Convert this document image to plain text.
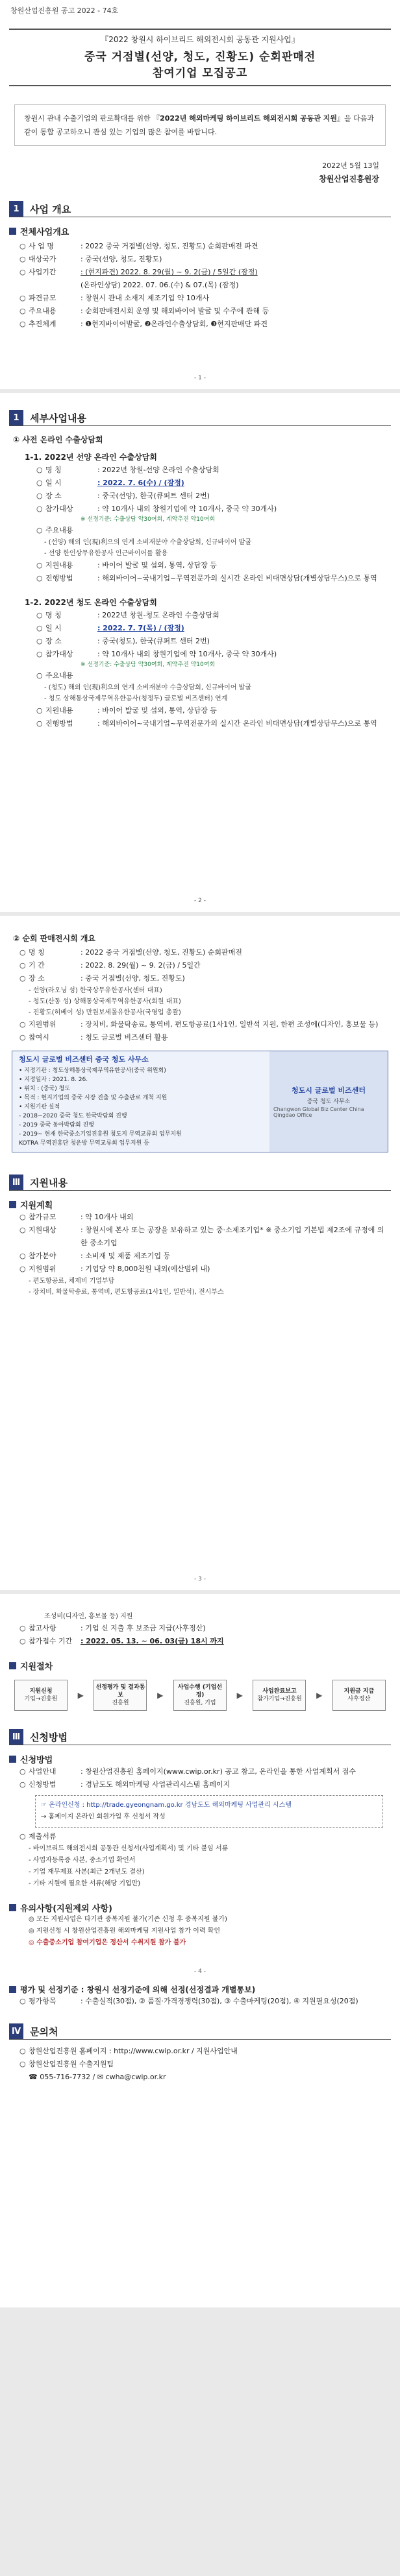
창원산업진흥원 공고 2022 - 74호
『2022 창원시 하이브리드 해외전시회 공동관 지원사업』
중국 거점별(선양, 청도, 진황도) 순회판매전
참여기업 모집공고
창원시 관내 수출기업의 판로확대를 위한 『2022년 해외마케팅 하이브리드 해외전시회 공동관 지원』을 다음과 같이 통합 공고하오니 관심 있는 기업의 많은 참여를 바랍니다.
2022년 5월 13일
창원산업진흥원장
1	사업 개요
전체사업개요
○ 사 업 명	: 2022 중국 거점별(선양, 청도, 진황도) 순회판매전 파견
○ 대상국가	: 중국(선양, 청도, 진황도)
○ 사업기간	: (현지파견) 2022. 8. 29(월) ~ 9. 2(금) / 5일간 (잠정)
(온라인상담) 2022. 07. 06.(수) & 07.(목) (잠정)
○ 파견규모	: 창원시 관내 소재지 제조기업 약 10개사
○ 주요내용	: 순회판매전시회 운영 및 해외바이어 발굴 및 수주에 관해 등
○ 추진체계	: ❶현지바이어발굴, ❷온라인수출상담회, ❸현지판매단 파견
- 1 -
1	세부사업내용
① 사전 온라인 수출상담회
1-1. 2022년 선양 온라인 수출상담회
○ 명 칭	: 2022년 창원-선양 온라인 수출상담회
○ 일 시	: 2022. 7. 6(수) / (잠정)
○ 장 소	: 중국(선양), 한국(큐퍼트 센터 2번)
○ 참가대상	: 약 10개사 내외 창원기업에 약 10개사, 중국 약 30개사)
※ 선정기준: 수출상담 약30여회, 계약추진 약10여회
○ 주요내용
- (선양) 해외 인(現)利으의 연계 소비재분야 수출상담회, 신규바이어 발굴
- 선양 한인상무유한공사 인근바이어를 활용
○ 지원내용	: 바이어 발굴 및 섭외, 통역, 상담장 등
○ 진행방법	: 해외바이어~국내기업~무역전문가의 실시간 온라인 비대면상담(개별상담무스)으로 통역
1-2. 2022년 청도 온라인 수출상담회
○ 명 칭	: 2022년 창원-청도 온라인 수출상담회
○ 일 시	: 2022. 7. 7(목) / (잠정)
○ 장 소	: 중국(청도), 한국(큐퍼트 센터 2번)
○ 참가대상	: 약 10개사 내외 창원기업에 약 10개사, 중국 약 30개사)
※ 선정기준: 수출상담 약30여회, 계약추진 약10여회
○ 주요내용
- (청도) 해외 인(現)利으의 연계 소비재분야 수출상담회, 신규바이어 발굴
- 청도 상해통상국제무역유한공사(청정두) 글로벌 비즈센터) 연계
○ 지원내용	: 바이어 발굴 및 섭외, 통역, 상담장 등
○ 진행방법	: 해외바이어~국내기업~무역전문가의 실시간 온라인 비대면상담(개별상담무스)으로 통역
- 2 -
② 순회 판매전시회 개요
○ 명 칭	: 2022 중국 거점별(선양, 청도, 진황도) 순회판매전
○ 기 간	: 2022. 8. 29(월) ~ 9. 2(금) / 5일간
○ 장 소	: 중국 거점별(선양, 청도, 진황도)
- 선양(라오닝 성) 한국상무유한공사(센터 대표)
- 청도(산동 성) 상해통상국제무역유한공사(회원 대표)
- 진황도(허베이 성) 만원보세몰유한공사(국영업 총괄)
○ 지원범위	: 장치비, 화물탁송료, 통역비, 편도항공료(1사1인, 일반석 지원, 한편 조성에(디자인, 홍보물 등)
○ 참여시	: 청도 글로벌 비즈센터 활용
청도시 글로벌 비즈센터 중국 청도 사무소
• 지정기관 : 청도상해통상국제무역유한공사(중국 위원회)
• 지정일자 : 2021. 8. 26.
• 위치 : (중국) 청도
• 목적 : 현지기업의 중국 시장 진출 및 수출판로 개척 지원
• 지원기관 실적
- 2018~2020 중국 청도 한국박람회 진행
- 2019 중국 동아박람회 진행
- 2019~ 현재 한국중소기업진흥원 청도지 무역교류회 업무지원
KOTRA 무역진흥단 청운방 무역교류회 업무지원 등
청도시 글로벌 비즈센터
중국 청도 사무소
Changwon Global Biz Center China Qingdao Office
Ⅲ 지원내용
지원계획
○ 참가규모	: 약 10개사 내외
○ 지원대상	: 창원시에 본사 또는 공장을 보유하고 있는 중·소제조기업* ※ 중소기업 기본법 제2조에 규정에 의한 중소기업
○ 참가분야	: 소비재 및 제품 제조기업 등
○ 지원범위	: 기업당 약 8,000천원 내외(예산범위 내)
- 편도항공료, 체제비 기업부담
- 장치비, 화물탁송료, 통역비, 편도항공료(1사1인, 일반석), 전시부스
- 3 -
조성비(디자인, 홍보물 등) 지원
○ 참고사항	: 기업 신 지출 후 보조금 지급(사후정산)
○ 참가접수 기간	: 2022. 05. 13. ~ 06. 03(금) 18시 까지
지원절차
지원신청
기업→진흥원	▶
선정평가 및 결과통보
진흥원
▶
사업수행 (기업선정)
진흥원, 기업
▶	사업완료보고
참가기업→진흥원 ▶	지원금 지급
사후정산
Ⅲ 신청방법
신청방법
○ 사업안내	: 창원산업진흥원 홈페이지(www.cwip.or.kr) 공고 참고, 온라인을 통한 사업계획서 접수
○ 신청방법	: 경남도도 해외마케팅 사업관리시스템 홈페이지
☞ 온라인신청 : http://trade.gyeongnam.go.kr 경남도도 해외마케팅 사업관리 시스템
→ 홈페이지 온라인 회원가입 후 신청서 작성
○ 제출서류
- 바이브리드 해외전시회 공동관 신청서(사업계획서) 및 기타 붙임 서류
- 사업자등록증 사본, 중소기업 확인서
- 기업 재무제표 사본(최근 2개년도 결산)
- 기타 지원에 필요한 서류(해당 기업만)
유의사항(지원제외 사항)
◎ 모든 지원사업은 타기관 중복지원 불가(기존 신청 후 중복지원 불가)
◎ 지원신청 시 창원산업진흥원 해외마케팅 지원사업 참가 이력 확인
◎ 수출중소기업 참여기업은 정산서 수취지원 참가 불가
- 4 -
평가 및 선정기준 : 창원시 선정기준에 의해 선정(선정결과 개별통보)
○ 평가항목	: 수출실적(30점), ② 품질·가격경쟁력(30점), ③ 수출마케팅(20점), ④ 지원필요성(20점)
Ⅳ 문의처
○ 창원산업진흥원 홈페이지 : http://www.cwip.or.kr / 지원사업안내
○ 창원산업진흥원 수출지원팀
☎ 055-716-7732 / ✉ cwha@cwip.or.kr
